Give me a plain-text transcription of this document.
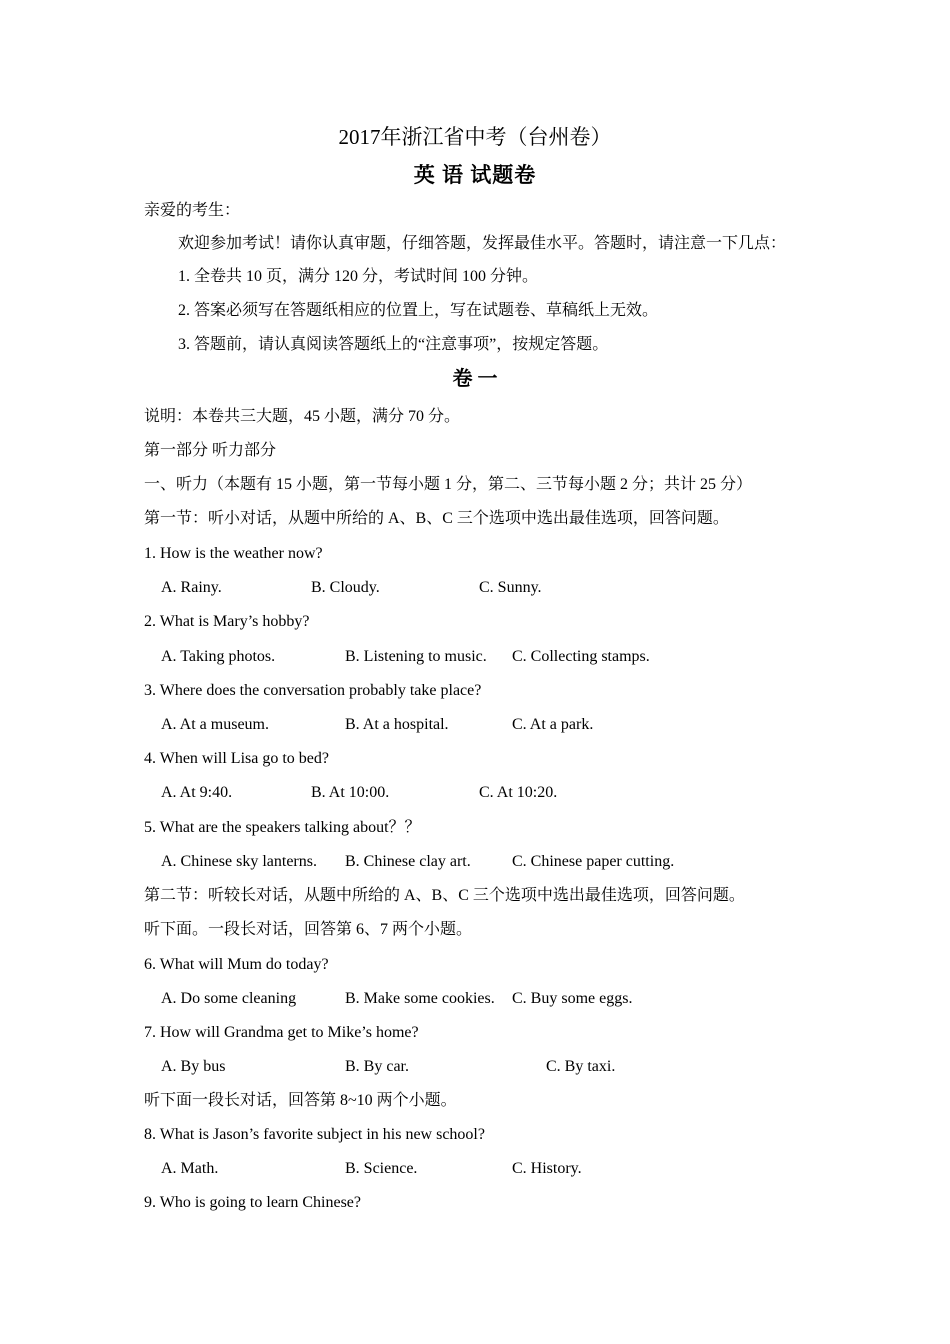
2017年浙江省中考（台州卷）
英 语 试题卷
亲爱的考生：
欢迎参加考试！请你认真审题，仔细答题，发挥最佳水平。答题时，请注意一下几点：
1. 全卷共 10 页，满分 120 分，考试时间 100 分钟。
2. 答案必须写在答题纸相应的位置上，写在试题卷、草稿纸上无效。
3. 答题前，请认真阅读答题纸上的“注意事项”，按规定答题。
卷 一
说明：本卷共三大题，45 小题，满分 70 分。
第一部分 听力部分
一、听力（本题有 15 小题，第一节每小题 1 分，第二、三节每小题 2 分；共计 25 分）
第一节：听小对话，从题中所给的 A、B、C 三个选项中选出最佳选项，回答问题。
1. How is the weather now?
A. Rainy.	B. Cloudy.	C. Sunny.
2. What is Mary’s hobby?
A. Taking photos.	B. Listening to music. C. Collecting stamps.
3. Where does the conversation probably take place?
A. At a museum.	B. At a hospital.	C. At a park.
4. When will Lisa go to bed?
A. At 9:40.	B. At 10:00.	C. At 10:20.
5. What are the speakers talking about？？
A. Chinese sky lanterns. B. Chinese clay art.	C. Chinese paper cutting.
第二节：听较长对话，从题中所给的 A、B、C 三个选项中选出最佳选项，回答问题。
听下面。一段长对话，回答第 6、7 两个小题。
6. What will Mum do today?
A. Do some cleaning	B. Make some cookies. C. Buy some eggs.
7. How will Grandma get to Mike’s home?
A. By bus	B. By car.	C. By taxi.
听下面一段长对话，回答第 8~10 两个小题。
8. What is Jason’s favorite subject in his new school?
A. Math.	B. Science.	C. History.
9. Who is going to learn Chinese?
